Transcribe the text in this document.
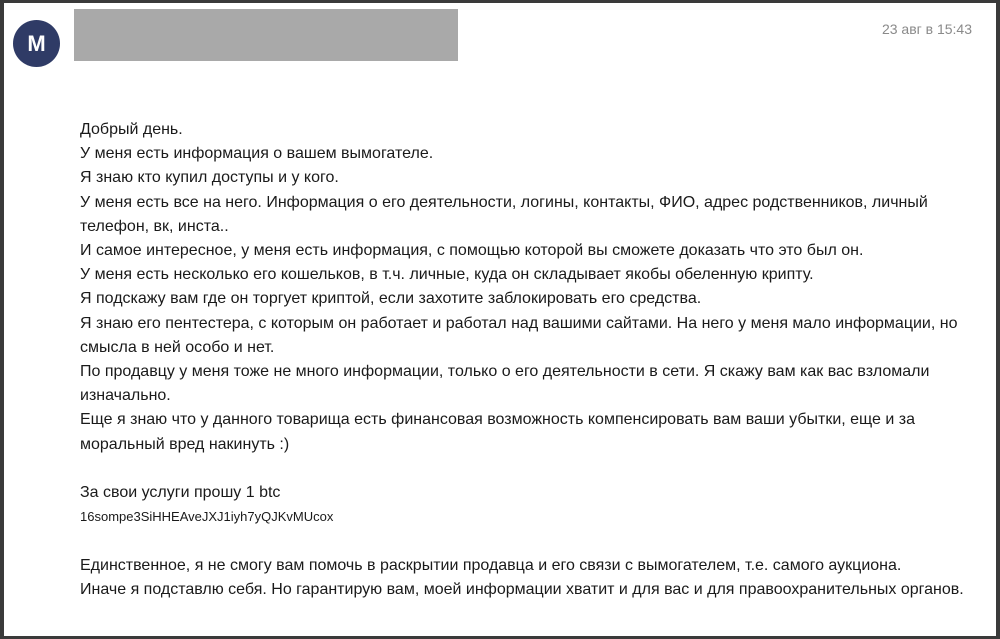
M
23 авг в 15:43
Добрый день.
У меня есть информация о вашем вымогателе.
Я знаю кто купил доступы и у кого.
У меня есть все на него. Информация о его деятельности, логины, контакты, ФИО, адрес родственников, личный телефон, вк, инста..
И самое интересное, у меня есть информация, с помощью которой вы сможете доказать что это был он.
У меня есть несколько его кошельков, в т.ч. личные, куда он складывает якобы обеленную крипту.
Я подскажу вам где он торгует криптой, если захотите заблокировать его средства.
Я знаю его пентестера, с которым он работает и работал над вашими сайтами. На него у меня мало информации, но смысла в ней особо и нет.
По продавцу у меня тоже не много информации, только о его деятельности в сети. Я скажу вам как вас взломали изначально.
Еще я знаю что у данного товарища есть финансовая возможность компенсировать вам ваши убытки, еще и за моральный вред накинуть :)
За свои услуги прошу 1 btc
16sompe3SiHHEAveJXJ1iyh7yQJKvMUcox
Единственное, я не смогу вам помочь в раскрытии продавца и его связи с вымогателем, т.е. самого аукциона.
Иначе я подставлю себя. Но гарантирую вам, моей информации хватит и для вас и для правоохранительных органов.
